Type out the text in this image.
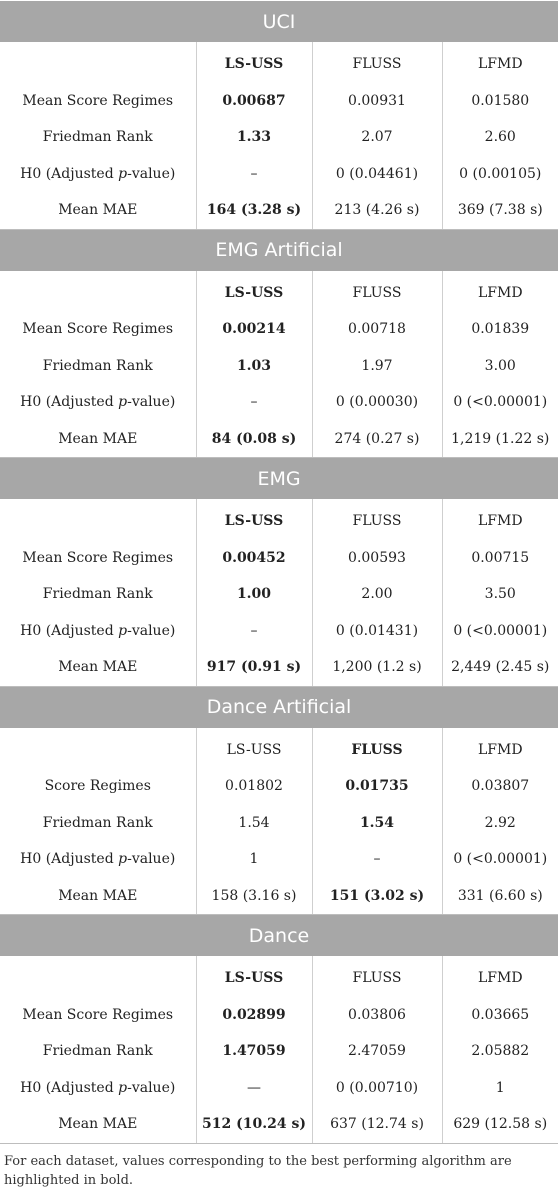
UCI			
	LS-USS	FLUSS	LFMD
Mean Score Regimes	0.00687	0.00931	0.01580
Friedman Rank	1.33	2.07	2.60
H0 (Adjusted p-value)	–	0 (0.04461)	0 (0.00105)
Mean MAE	164 (3.28 s)	213 (4.26 s)	369 (7.38 s)
EMG Artificial			
	LS-USS	FLUSS	LFMD
Mean Score Regimes	0.00214	0.00718	0.01839
Friedman Rank	1.03	1.97	3.00
H0 (Adjusted p-value)	–	0 (0.00030)	0 (<0.00001)
Mean MAE	84 (0.08 s)	274 (0.27 s)	1,219 (1.22 s)
EMG			
	LS-USS	FLUSS	LFMD
Mean Score Regimes	0.00452	0.00593	0.00715
Friedman Rank	1.00	2.00	3.50
H0 (Adjusted p-value)	–	0 (0.01431)	0 (<0.00001)
Mean MAE	917 (0.91 s)	1,200 (1.2 s)	2,449 (2.45 s)
Dance Artificial			
	LS-USS	FLUSS	LFMD
Score Regimes	0.01802	0.01735	0.03807
Friedman Rank	1.54	1.54	2.92
H0 (Adjusted p-value)	1	–	0 (<0.00001)
Mean MAE	158 (3.16 s)	151 (3.02 s)	331 (6.60 s)
Dance			
	LS-USS	FLUSS	LFMD
Mean Score Regimes	0.02899	0.03806	0.03665
Friedman Rank	1.47059	2.47059	2.05882
H0 (Adjusted p-value)	—	0 (0.00710)	1
Mean MAE	512 (10.24 s)	637 (12.74 s)	629 (12.58 s)
For each dataset, values corresponding to the best performing algorithm are highlighted in bold.
